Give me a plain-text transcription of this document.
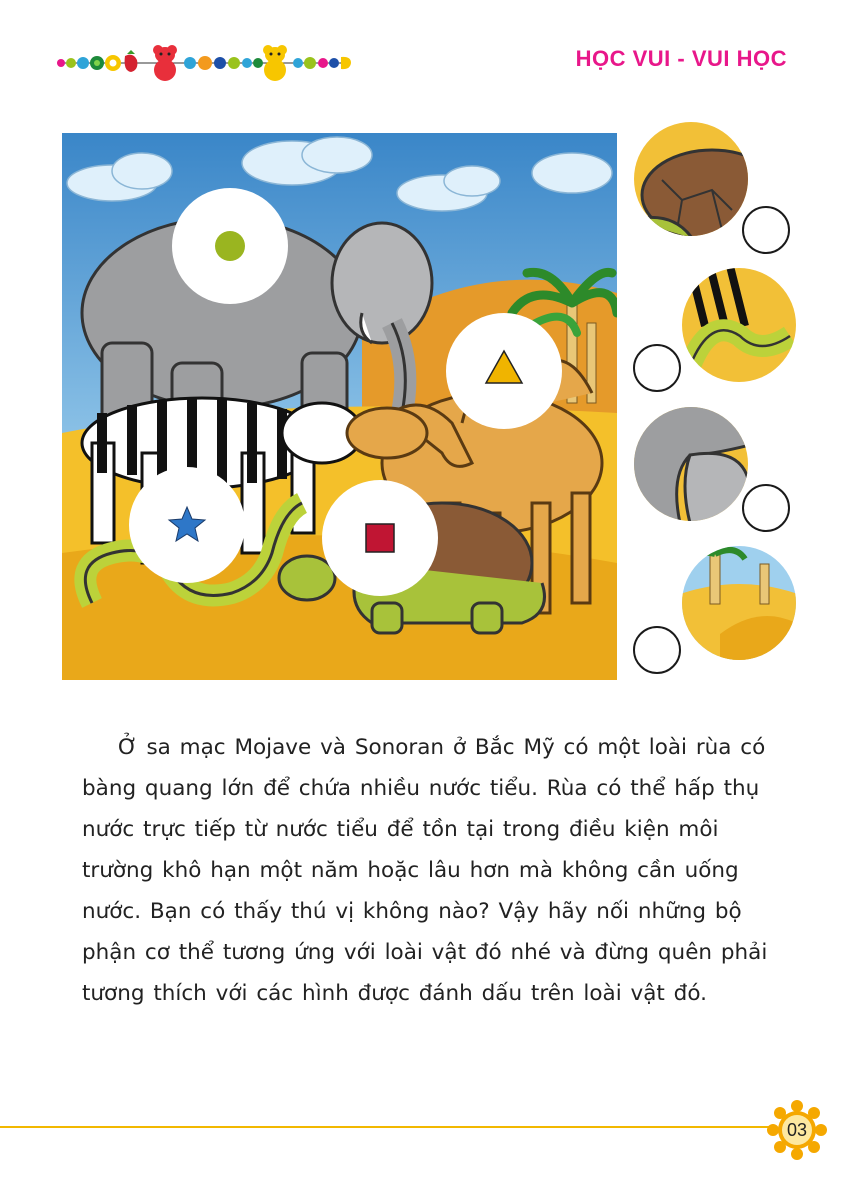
HỌC VUI - VUI HỌC

Ở sa mạc Mojave và Sonoran ở Bắc Mỹ có một loài rùa có bàng quang lớn để chứa nhiều nước tiểu. Rùa có thể hấp thụ nước trực tiếp từ nước tiểu để tồn tại trong điều kiện môi trường khô hạn một năm hoặc lâu hơn mà không cần uống nước. Bạn có thấy thú vị không nào? Vậy hãy nối những bộ phận cơ thể tương ứng với loài vật đó nhé và đừng quên phải tương thích với các hình được đánh dấu trên loài vật đó.

03
